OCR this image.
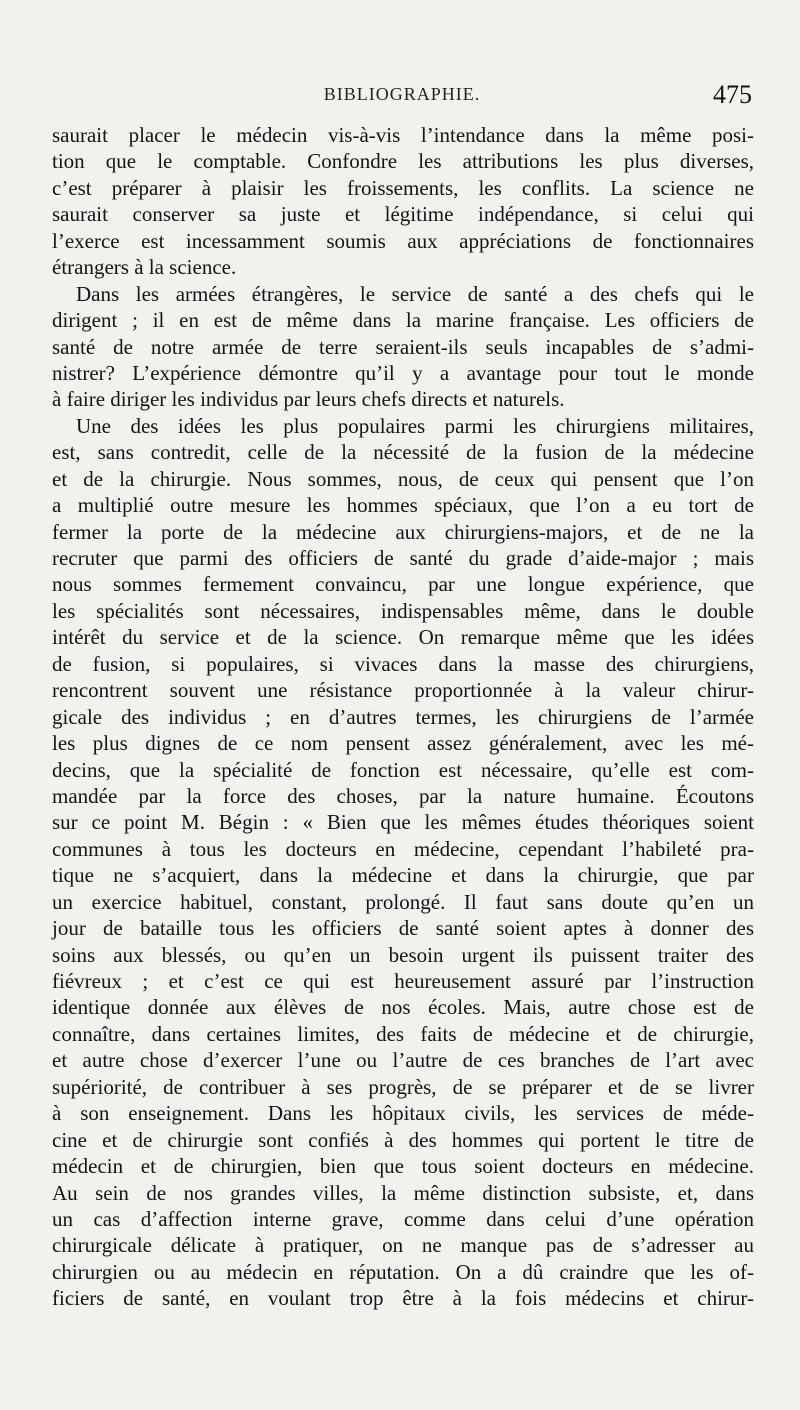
BIBLIOGRAPHIE.	475
saurait placer le médecin vis-à-vis l’intendance dans la même posi-
tion que le comptable. Confondre les attributions les plus diverses,
c’est préparer à plaisir les froissements, les conflits. La science ne
saurait conserver sa juste et légitime indépendance, si celui qui
l’exerce est incessamment soumis aux appréciations de fonctionnaires
étrangers à la science.
Dans les armées étrangères, le service de santé a des chefs qui le
dirigent ; il en est de même dans la marine française. Les officiers de
santé de notre armée de terre seraient-ils seuls incapables de s’admi-
nistrer? L’expérience démontre qu’il y a avantage pour tout le monde
à faire diriger les individus par leurs chefs directs et naturels.
Une des idées les plus populaires parmi les chirurgiens militaires,
est, sans contredit, celle de la nécessité de la fusion de la médecine
et de la chirurgie. Nous sommes, nous, de ceux qui pensent que l’on
a multiplié outre mesure les hommes spéciaux, que l’on a eu tort de
fermer la porte de la médecine aux chirurgiens-majors, et de ne la
recruter que parmi des officiers de santé du grade d’aide-major ; mais
nous sommes fermement convaincu, par une longue expérience, que
les spécialités sont nécessaires, indispensables même, dans le double
intérêt du service et de la science. On remarque même que les idées
de fusion, si populaires, si vivaces dans la masse des chirurgiens,
rencontrent souvent une résistance proportionnée à la valeur chirur-
gicale des individus ; en d’autres termes, les chirurgiens de l’armée
les plus dignes de ce nom pensent assez généralement, avec les mé-
decins, que la spécialité de fonction est nécessaire, qu’elle est com-
mandée par la force des choses, par la nature humaine. Écoutons
sur ce point M. Bégin : « Bien que les mêmes études théoriques soient
communes à tous les docteurs en médecine, cependant l’habileté pra-
tique ne s’acquiert, dans la médecine et dans la chirurgie, que par
un exercice habituel, constant, prolongé. Il faut sans doute qu’en un
jour de bataille tous les officiers de santé soient aptes à donner des
soins aux blessés, ou qu’en un besoin urgent ils puissent traiter des
fiévreux ; et c’est ce qui est heureusement assuré par l’instruction
identique donnée aux élèves de nos écoles. Mais, autre chose est de
connaître, dans certaines limites, des faits de médecine et de chirurgie,
et autre chose d’exercer l’une ou l’autre de ces branches de l’art avec
supériorité, de contribuer à ses progrès, de se préparer et de se livrer
à son enseignement. Dans les hôpitaux civils, les services de méde-
cine et de chirurgie sont confiés à des hommes qui portent le titre de
médecin et de chirurgien, bien que tous soient docteurs en médecine.
Au sein de nos grandes villes, la même distinction subsiste, et, dans
un cas d’affection interne grave, comme dans celui d’une opération
chirurgicale délicate à pratiquer, on ne manque pas de s’adresser au
chirurgien ou au médecin en réputation. On a dû craindre que les of-
ficiers de santé, en voulant trop être à la fois médecins et chirur-
